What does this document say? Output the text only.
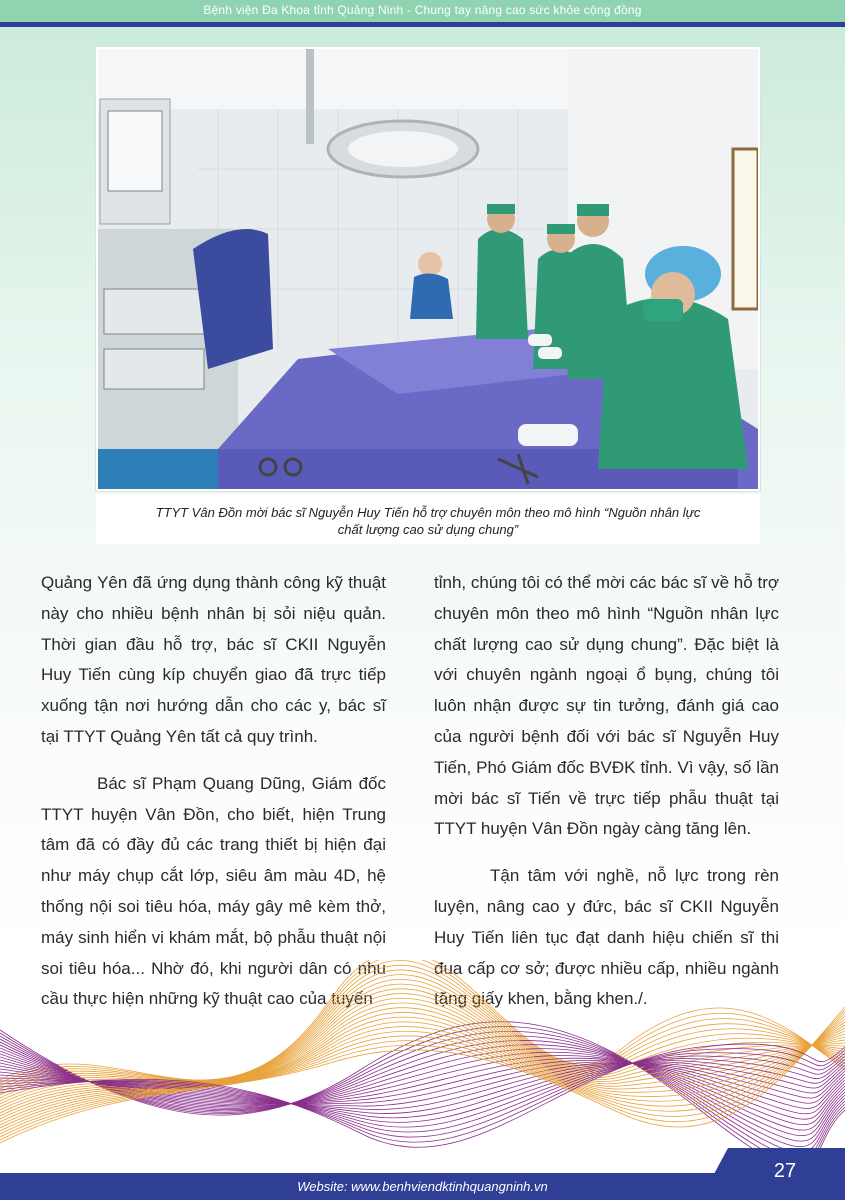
Bệnh viện Đa Khoa tỉnh Quảng Ninh - Chung tay nâng cao sức khỏe cộng đồng
TTYT Vân Đồn mời bác sĩ Nguyễn Huy Tiến hỗ trợ chuyên môn theo mô hình “Nguồn nhân lực
chất lượng cao sử dụng chung”

Quảng Yên đã ứng dụng thành công kỹ thuật này cho nhiều bệnh nhân bị sỏi niệu quản. Thời gian đầu hỗ trợ, bác sĩ CKII Nguyễn Huy Tiến cùng kíp chuyển giao đã trực tiếp xuống tận nơi hướng dẫn cho các y, bác sĩ tại TTYT Quảng Yên tất cả quy trình.

Bác sĩ Phạm Quang Dũng, Giám đốc TTYT huyện Vân Đồn, cho biết, hiện Trung tâm đã có đầy đủ các trang thiết bị hiện đại như máy chụp cắt lớp, siêu âm màu 4D, hệ thống nội soi tiêu hóa, máy gây mê kèm thở, máy sinh hiển vi khám mắt, bộ phẫu thuật nội soi tiêu hóa... Nhờ đó, khi người dân có nhu cầu thực hiện những kỹ thuật cao của tuyến

tỉnh, chúng tôi có thể mời các bác sĩ về hỗ trợ chuyên môn theo mô hình “Nguồn nhân lực chất lượng cao sử dụng chung”. Đặc biệt là với chuyên ngành ngoại ổ bụng, chúng tôi luôn nhận được sự tin tưởng, đánh giá cao của người bệnh đối với bác sĩ Nguyễn Huy Tiến, Phó Giám đốc BVĐK tỉnh. Vì vậy, số lần mời bác sĩ Tiến về trực tiếp phẫu thuật tại TTYT huyện Vân Đồn ngày càng tăng lên.

Tận tâm với nghề, nỗ lực trong rèn luyện, nâng cao y đức, bác sĩ CKII Nguyễn Huy Tiến liên tục đạt danh hiệu chiến sĩ thi đua cấp cơ sở; được nhiều cấp, nhiều ngành tặng giấy khen, bằng khen./.

27
Website: www.benhviendktinhquangninh.vn
